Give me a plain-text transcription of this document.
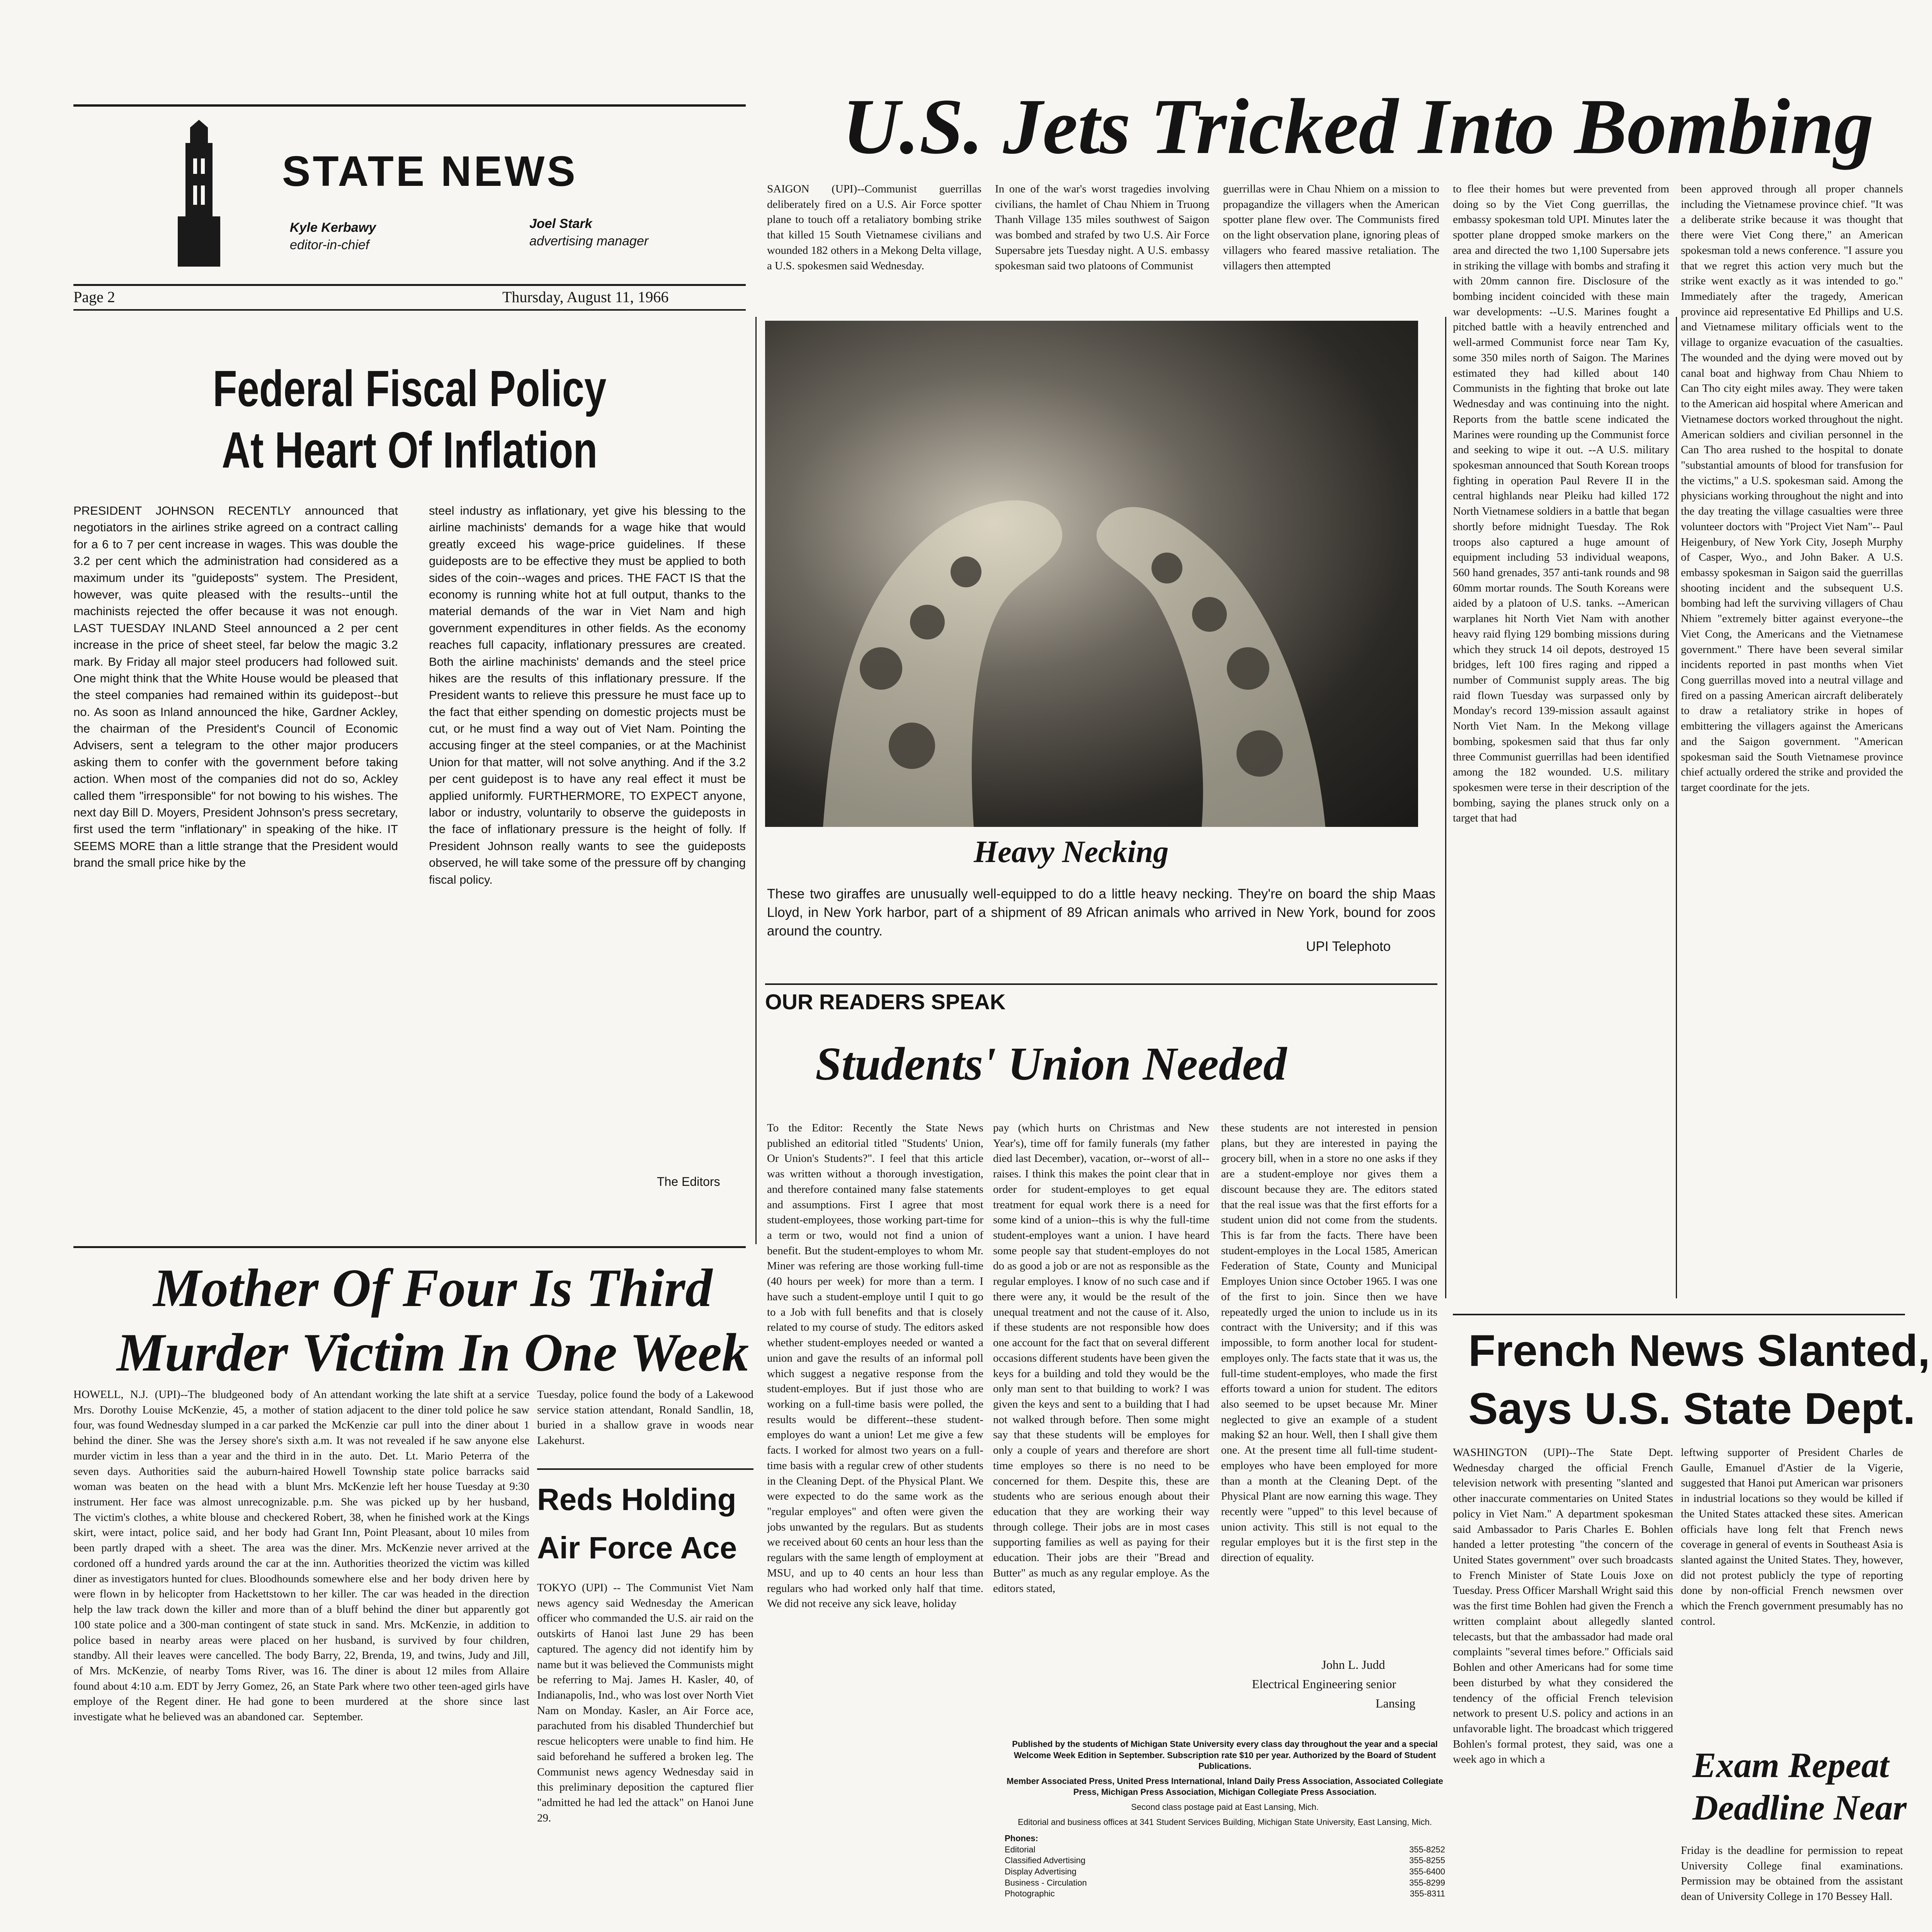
STATE NEWS
Kyle Kerbawy
editor-in-chief
Joel Stark
advertising manager
Page 2	Thursday, August 11, 1966
U.S. Jets Tricked Into Bombing
SAIGON (UPI)--Communist guerrillas deliberately fired on a U.S. Air Force spotter plane to touch off a retaliatory bombing strike that killed 15 South Vietnamese civilians and wounded 182 others in a Mekong Delta village, a U.S. spokesmen said Wednesday.
In one of the war's worst tragedies involving civilians, the hamlet of Chau Nhiem in Truong Thanh Village 135 miles southwest of Saigon was bombed and strafed by two U.S. Air Force Supersabre jets Tuesday night. A U.S. embassy spokesman said two platoons of Communist
guerrillas were in Chau Nhiem on a mission to propagandize the villagers when the American spotter plane flew over. The Communists fired on the light observation plane, ignoring pleas of villagers who feared massive retaliation. The villagers then attempted
to flee their homes but were prevented from doing so by the Viet Cong guerrillas, the embassy spokesman told UPI. Minutes later the spotter plane dropped smoke markers on the area and directed the two 1,100 Supersabre jets in striking the village with bombs and strafing it with 20mm cannon fire. Disclosure of the bombing incident coincided with these main war developments: --U.S. Marines fought a pitched battle with a heavily entrenched and well-armed Communist force near Tam Ky, some 350 miles north of Saigon. The Marines estimated they had killed about 140 Communists in the fighting that broke out late Wednesday and was continuing into the night. Reports from the battle scene indicated the Marines were rounding up the Communist force and seeking to wipe it out. --A U.S. military spokesman announced that South Korean troops fighting in operation Paul Revere II in the central highlands near Pleiku had killed 172 North Vietnamese soldiers in a battle that began shortly before midnight Tuesday. The Rok troops also captured a huge amount of equipment including 53 individual weapons, 560 hand grenades, 357 anti-tank rounds and 98 60mm mortar rounds. The South Koreans were aided by a platoon of U.S. tanks. --American warplanes hit North Viet Nam with another heavy raid flying 129 bombing missions during which they struck 14 oil depots, destroyed 15 bridges, left 100 fires raging and ripped a number of Communist supply areas. The big raid flown Tuesday was surpassed only by Monday's record 139-mission assault against North Viet Nam. In the Mekong village bombing, spokesmen said that thus far only three Communist guerrillas had been identified among the 182 wounded. U.S. military spokesmen were terse in their description of the bombing, saying the planes struck only on a target that had
been approved through all proper channels including the Vietnamese province chief. "It was a deliberate strike because it was thought that there were Viet Cong there," an American spokesman told a news conference. "I assure you that we regret this action very much but the strike went exactly as it was intended to go." Immediately after the tragedy, American province aid representative Ed Phillips and U.S. and Vietnamese military officials went to the village to organize evacuation of the casualties. The wounded and the dying were moved out by canal boat and highway from Chau Nhiem to Can Tho city eight miles away. They were taken to the American aid hospital where American and Vietnamese doctors worked throughout the night. American soldiers and civilian personnel in the Can Tho area rushed to the hospital to donate "substantial amounts of blood for transfusion for the victims," a U.S. spokesman said. Among the physicians working throughout the night and into the day treating the village casualties were three volunteer doctors with "Project Viet Nam"-- Paul Heigenbury, of New York City, Joseph Murphy of Casper, Wyo., and John Baker. A U.S. embassy spokesman in Saigon said the guerrillas shooting incident and the subsequent U.S. bombing had left the surviving villagers of Chau Nhiem "extremely bitter against everyone--the Viet Cong, the Americans and the Vietnamese government." There have been several similar incidents reported in past months when Viet Cong guerrillas moved into a neutral village and fired on a passing American aircraft deliberately to draw a retaliatory strike in hopes of embittering the villagers against the Americans and the Saigon government. "American spokesman said the South Vietnamese province chief actually ordered the strike and provided the target coordinate for the jets.
Federal Fiscal Policy
At Heart Of Inflation
PRESIDENT JOHNSON RECENTLY announced that negotiators in the airlines strike agreed on a contract calling for a 6 to 7 per cent increase in wages. This was double the 3.2 per cent which the administration had considered as a maximum under its "guideposts" system. The President, however, was quite pleased with the results--until the machinists rejected the offer because it was not enough. LAST TUESDAY INLAND Steel announced a 2 per cent increase in the price of sheet steel, far below the magic 3.2 mark. By Friday all major steel producers had followed suit. One might think that the White House would be pleased that the steel companies had remained within its guidepost--but no. As soon as Inland announced the hike, Gardner Ackley, the chairman of the President's Council of Economic Advisers, sent a telegram to the other major producers asking them to confer with the government before taking action. When most of the companies did not do so, Ackley called them "irresponsible" for not bowing to his wishes. The next day Bill D. Moyers, President Johnson's press secretary, first used the term "inflationary" in speaking of the hike. IT SEEMS MORE than a little strange that the President would brand the small price hike by the
steel industry as inflationary, yet give his blessing to the airline machinists' demands for a wage hike that would greatly exceed his wage-price guidelines. If these guideposts are to be effective they must be applied to both sides of the coin--wages and prices. THE FACT IS that the economy is running white hot at full output, thanks to the material demands of the war in Viet Nam and high government expenditures in other fields. As the economy reaches full capacity, inflationary pressures are created. Both the airline machinists' demands and the steel price hikes are the results of this inflationary pressure. If the President wants to relieve this pressure he must face up to the fact that either spending on domestic projects must be cut, or he must find a way out of Viet Nam. Pointing the accusing finger at the steel companies, or at the Machinist Union for that matter, will not solve anything. And if the 3.2 per cent guidepost is to have any real effect it must be applied uniformly. FURTHERMORE, TO EXPECT anyone, labor or industry, voluntarily to observe the guideposts in the face of inflationary pressure is the height of folly. If President Johnson really wants to see the guideposts observed, he will take some of the pressure off by changing fiscal policy.
The Editors
Heavy Necking
These two giraffes are unusually well-equipped to do a little heavy necking. They're on board the ship Maas Lloyd, in New York harbor, part of a shipment of 89 African animals who arrived in New York, bound for zoos around the country.
UPI Telephoto
OUR READERS SPEAK
Students' Union Needed
To the Editor: Recently the State News published an editorial titled "Students' Union, Or Union's Students?". I feel that this article was written without a thorough investigation, and therefore contained many false statements and assumptions. First I agree that most student-employees, those working part-time for a term or two, would not find a union of benefit. But the student-employes to whom Mr. Miner was refering are those working full-time (40 hours per week) for more than a term. I have such a student-employe until I quit to go to a Job with full benefits and that is closely related to my course of study. The editors asked whether student-employes needed or wanted a union and gave the results of an informal poll which suggest a negative response from the student-employes. But if just those who are working on a full-time basis were polled, the results would be different--these student-employes do want a union! Let me give a few facts. I worked for almost two years on a full-time basis with a regular crew of other students in the Cleaning Dept. of the Physical Plant. We were expected to do the same work as the "regular employes" and often were given the jobs unwanted by the regulars. But as students we received about 60 cents an hour less than the regulars with the same length of employment at MSU, and up to 40 cents an hour less than regulars who had worked only half that time. We did not receive any sick leave, holiday
pay (which hurts on Christmas and New Year's), time off for family funerals (my father died last December), vacation, or--worst of all--raises. I think this makes the point clear that in order for student-employes to get equal treatment for equal work there is a need for some kind of a union--this is why the full-time student-employes want a union. I have heard some people say that student-employes do not do as good a job or are not as responsible as the regular employes. I know of no such case and if there were any, it would be the result of the unequal treatment and not the cause of it. Also, if these students are not responsible how does one account for the fact that on several different occasions different students have been given the keys for a building and told they would be the only man sent to that building to work? I was given the keys and sent to a building that I had not walked through before. Then some might say that these students will be employes for only a couple of years and therefore are short time employes so there is no need to be concerned for them. Despite this, these are students who are serious enough about their education that they are working their way through college. Their jobs are in most cases supporting families as well as paying for their education. Their jobs are their "Bread and Butter" as much as any regular employe. As the editors stated,
these students are not interested in pension plans, but they are interested in paying the grocery bill, when in a store no one asks if they are a student-employe nor gives them a discount because they are. The editors stated that the real issue was that the first efforts for a student union did not come from the students. This is far from the facts. There have been student-employes in the Local 1585, American Federation of State, County and Municipal Employes Union since October 1965. I was one of the first to join. Since then we have repeatedly urged the union to include us in its contract with the University; and if this was impossible, to form another local for student-employes only. The facts state that it was us, the full-time student-employes, who made the first efforts toward a union for student. The editors also seemed to be upset because Mr. Miner neglected to give an example of a student making $2 an hour. Well, then I shall give them one. At the present time all full-time student-employes who have been employed for more than a month at the Cleaning Dept. of the Physical Plant are now earning this wage. They recently were "upped" to this level because of union activity. This still is not equal to the regular employes but it is the first step in the direction of equality.
John L. Judd
Electrical Engineering senior
Lansing
Mother Of Four Is Third
Murder Victim In One Week
HOWELL, N.J. (UPI)--The bludgeoned body of Mrs. Dorothy Louise McKenzie, 45, a mother of four, was found Wednesday slumped in a car parked behind the diner. She was the Jersey shore's sixth murder victim in less than a year and the third in seven days. Authorities said the auburn-haired woman was beaten on the head with a blunt instrument. Her face was almost unrecognizable. The victim's clothes, a white blouse and checkered skirt, were intact, police said, and her body had been partly draped with a sheet. The area was cordoned off a hundred yards around the car at the diner as investigators hunted for clues. Bloodhounds were flown in by helicopter from Hackettstown to help the law track down the killer and more than 100 state police and a 300-man contingent of state police based in nearby areas were placed on standby. All their leaves were cancelled. The body of Mrs. McKenzie, of nearby Toms River, was found about 4:10 a.m. EDT by Jerry Gomez, 26, an employe of the Regent diner. He had gone to investigate what he believed was an abandoned car.
An attendant working the late shift at a service station adjacent to the diner told police he saw the McKenzie car pull into the diner about 1 a.m. It was not revealed if he saw anyone else in the auto. Det. Lt. Mario Peterra of the Howell Township state police barracks said Mrs. McKenzie left her house Tuesday at 9:30 p.m. She was picked up by her husband, Robert, 38, when he finished work at the Kings Grant Inn, Point Pleasant, about 10 miles from the diner. Mrs. McKenzie never arrived at the inn. Authorities theorized the victim was killed somewhere else and her body driven here by her killer. The car was headed in the direction of a bluff behind the diner but apparently got stuck in sand. Mrs. McKenzie, in addition to her husband, is survived by four children, Barry, 22, Brenda, 19, and twins, Judy and Jill, 16. The diner is about 12 miles from Allaire State Park where two other teen-aged girls have been murdered at the shore since last September.
Tuesday, police found the body of a Lakewood service station attendant, Ronald Sandlin, 18, buried in a shallow grave in woods near Lakehurst.
Reds Holding
Air Force Ace
TOKYO (UPI) -- The Communist Viet Nam news agency said Wednesday the American officer who commanded the U.S. air raid on the outskirts of Hanoi last June 29 has been captured. The agency did not identify him by name but it was believed the Communists might be referring to Maj. James H. Kasler, 40, of Indianapolis, Ind., who was lost over North Viet Nam on Monday. Kasler, an Air Force ace, parachuted from his disabled Thunderchief but rescue helicopters were unable to find him. He said beforehand he suffered a broken leg. The Communist news agency Wednesday said in this preliminary deposition the captured flier "admitted he had led the attack" on Hanoi June 29.
French News Slanted,
Says U.S. State Dept.
WASHINGTON (UPI)--The State Dept. Wednesday charged the official French television network with presenting "slanted and other inaccurate commentaries on United States policy in Viet Nam." A department spokesman said Ambassador to Paris Charles E. Bohlen handed a letter protesting "the concern of the United States government" over such broadcasts to French Minister of State Louis Joxe on Tuesday. Press Officer Marshall Wright said this was the first time Bohlen had given the French a written complaint about allegedly slanted telecasts, but that the ambassador had made oral complaints "several times before." Officials said Bohlen and other Americans had for some time been disturbed by what they considered the tendency of the official French television network to present U.S. policy and actions in an unfavorable light. The broadcast which triggered Bohlen's formal protest, they said, was one a week ago in which a
leftwing supporter of President Charles de Gaulle, Emanuel d'Astier de la Vigerie, suggested that Hanoi put American war prisoners in industrial locations so they would be killed if the United States attacked these sites. American officials have long felt that French news coverage in general of events in Southeast Asia is slanted against the United States. They, however, did not protest publicly the type of reporting done by non-official French newsmen over which the French government presumably has no control.
Exam Repeat
Deadline Near
Friday is the deadline for permission to repeat University College final examinations. Permission may be obtained from the assistant dean of University College in 170 Bessey Hall.
Published by the students of Michigan State University every class day throughout the year and a special Welcome Week Edition in September. Subscription rate $10 per year. Authorized by the Board of Student Publications.
Member Associated Press, United Press International, Inland Daily Press Association, Associated Collegiate Press, Michigan Press Association, Michigan Collegiate Press Association.
Second class postage paid at East Lansing, Mich.
Editorial and business offices at 341 Student Services Building, Michigan State University, East Lansing, Mich.
Phones:
Editorial	355-8252
Classified Advertising	355-8255
Display Advertising	355-6400
Business - Circulation	355-8299
Photographic	355-8311
